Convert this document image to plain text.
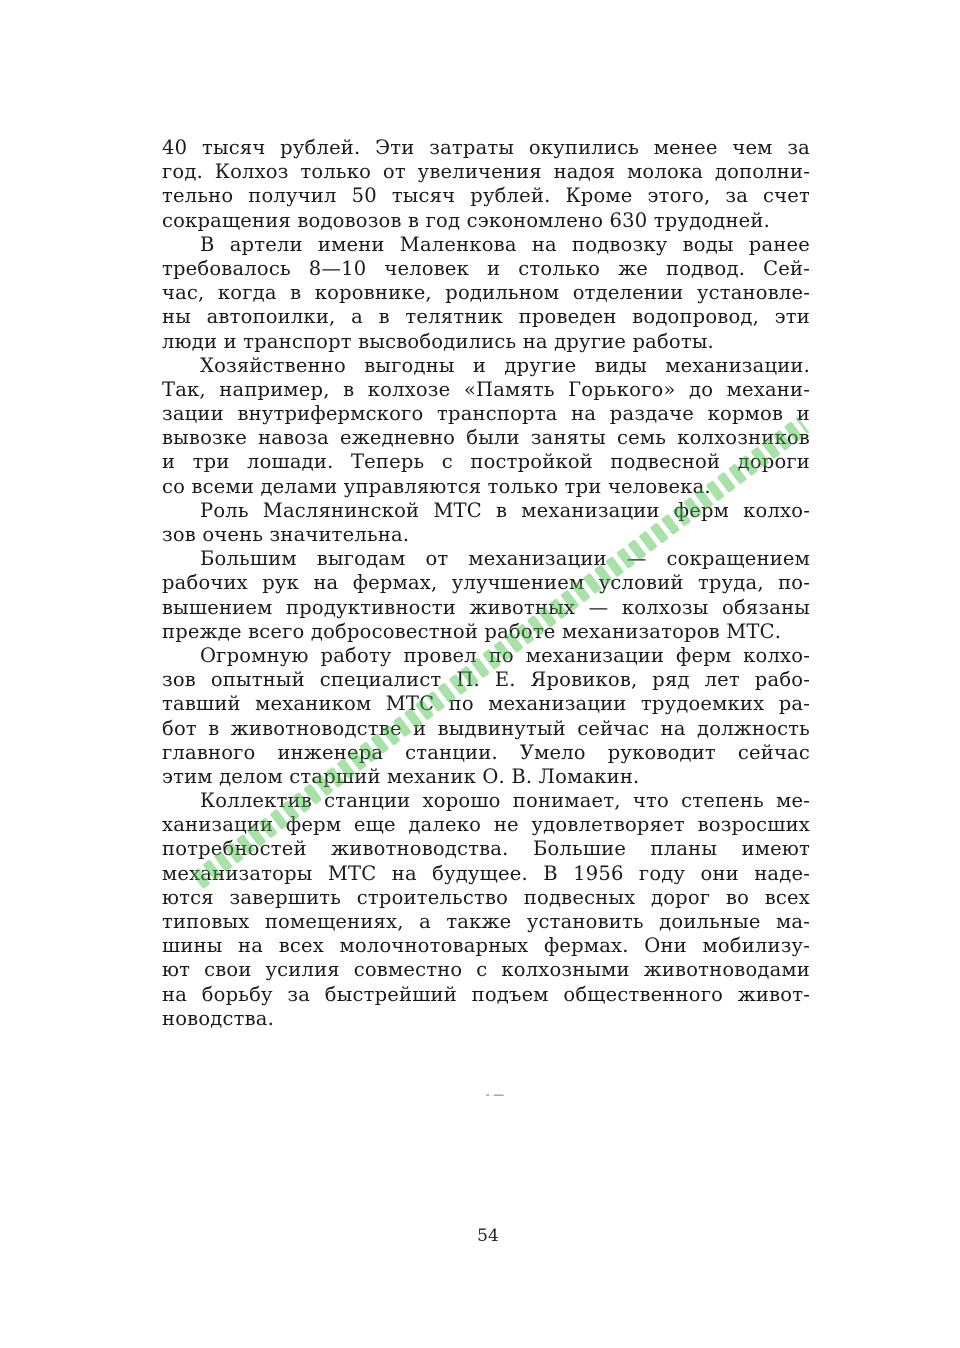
40 тысяч рублей. Эти затраты окупились менее чем за
год. Колхоз только от увеличения надоя молока дополни-
тельно получил 50 тысяч рублей. Кроме этого, за счет
сокращения водовозов в год сэкономлено 630 трудодней.
В артели имени Маленкова на подвозку воды ранее
требовалось 8—10 человек и столько же подвод. Сей-
час, когда в коровнике, родильном отделении установле-
ны автопоилки, а в телятник проведен водопровод, эти
люди и транспорт высвободились на другие работы.
Хозяйственно выгодны и другие виды механизации.
Так, например, в колхозе «Память Горького» до механи-
зации внутрифермского транспорта на раздаче кормов и
вывозке навоза ежедневно были заняты семь колхозников
и три лошади. Теперь с постройкой подвесной дороги
со всеми делами управляются только три человека.
Роль Маслянинской МТС в механизации ферм колхо-
зов очень значительна.
Большим выгодам от механизации — сокращением
рабочих рук на фермах, улучшением условий труда, по-
вышением продуктивности животных — колхозы обязаны
прежде всего добросовестной работе механизаторов МТС.
Огромную работу провел по механизации ферм колхо-
зов опытный специалист П. Е. Яровиков, ряд лет рабо-
тавший механиком МТС по механизации трудоемких ра-
бот в животноводстве и выдвинутый сейчас на должность
главного инженера станции. Умело руководит сейчас
этим делом старший механик О. В. Ломакин.
Коллектив станции хорошо понимает, что степень ме-
ханизации ферм еще далеко не удовлетворяет возросших
потребностей животноводства. Большие планы имеют
механизаторы МТС на будущее. В 1956 году они наде-
ются завершить строительство подвесных дорог во всех
типовых помещениях, а также установить доильные ма-
шины на всех молочнотоварных фермах. Они мобилизу-
ют свои усилия совместно с колхозными животноводами
на борьбу за быстрейший подъем общественного живот-
новодства.
- —
54
